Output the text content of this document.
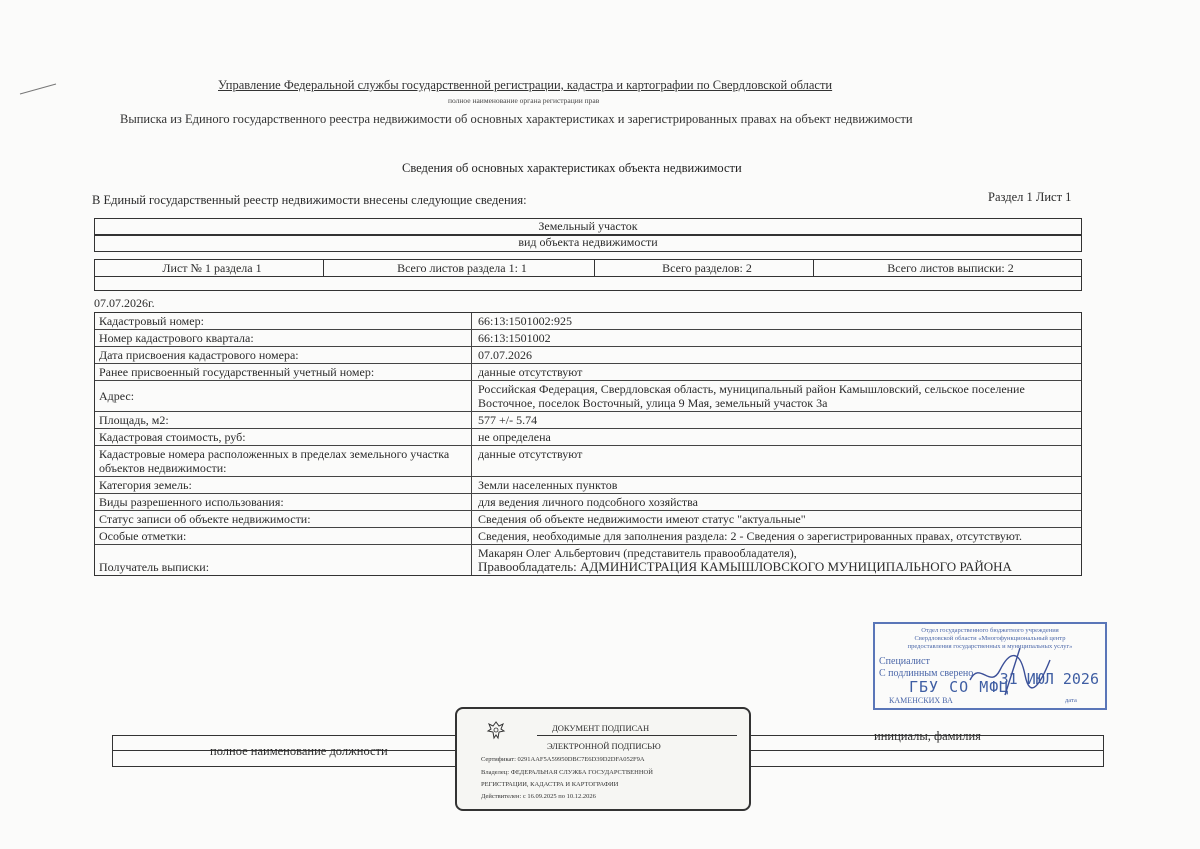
Управление Федеральной службы государственной регистрации, кадастра и картографии по Свердловской области
полное наименование органа регистрации прав
Выписка из Единого государственного реестра недвижимости об основных характеристиках и зарегистрированных правах на объект недвижимости
Сведения об основных характеристиках объекта недвижимости
В Единый государственный реестр недвижимости внесены следующие сведения:	Раздел 1 Лист 1
Земельный участок
вид объекта недвижимости
Лист № 1 раздела 1	Всего листов раздела 1: 1	Всего разделов: 2	Всего листов выписки: 2
07.07.2026г.
Кадастровый номер:	66:13:1501002:925
Номер кадастрового квартала:	66:13:1501002
Дата присвоения кадастрового номера:	07.07.2026
Ранее присвоенный государственный учетный номер:	данные отсутствуют
Адрес:	Российская Федерация, Свердловская область, муниципальный район Камышловский, сельское поселение Восточное, поселок Восточный, улица 9 Мая, земельный участок 3а
Площадь, м2:	577 +/- 5.74
Кадастровая стоимость, руб:	не определена
Кадастровые номера расположенных в пределах земельного участка объектов недвижимости:
данные отсутствуют
Категория земель:	Земли населенных пунктов
Виды разрешенного использования:	для ведения личного подсобного хозяйства
Статус записи об объекте недвижимости:	Сведения об объекте недвижимости имеют статус "актуальные"
Особые отметки:	Сведения, необходимые для заполнения раздела: 2 - Сведения о зарегистрированных правах, отсутствуют.
Получатель выписки:
Макарян Олег Альбертович (представитель правообладателя),
Правообладатель: АДМИНИСТРАЦИЯ КАМЫШЛОВСКОГО МУНИЦИПАЛЬНОГО РАЙОНА
полное наименование должности
инициалы, фамилия
ДОКУМЕНТ ПОДПИСАН
ЭЛЕКТРОННОЙ ПОДПИСЬЮ
Сертификат: 0291AAF5A59950DBC7E6D39D2DFA052F9A
Владелец: ФЕДЕРАЛЬНАЯ СЛУЖБА ГОСУДАРСТВЕННОЙ
РЕГИСТРАЦИИ, КАДАСТРА И КАРТОГРАФИИ
Действителен: с 16.09.2025 по 10.12.2026
Отдел государственного бюджетного учреждения
Свердловской области «Многофункциональный центр
предоставления государственных и муниципальных услуг»
Специалист
С подлинным сверено
ГБУ СО МФЦ
31 ИЮЛ 2026
КАМЕНСКИХ ВА	дата
